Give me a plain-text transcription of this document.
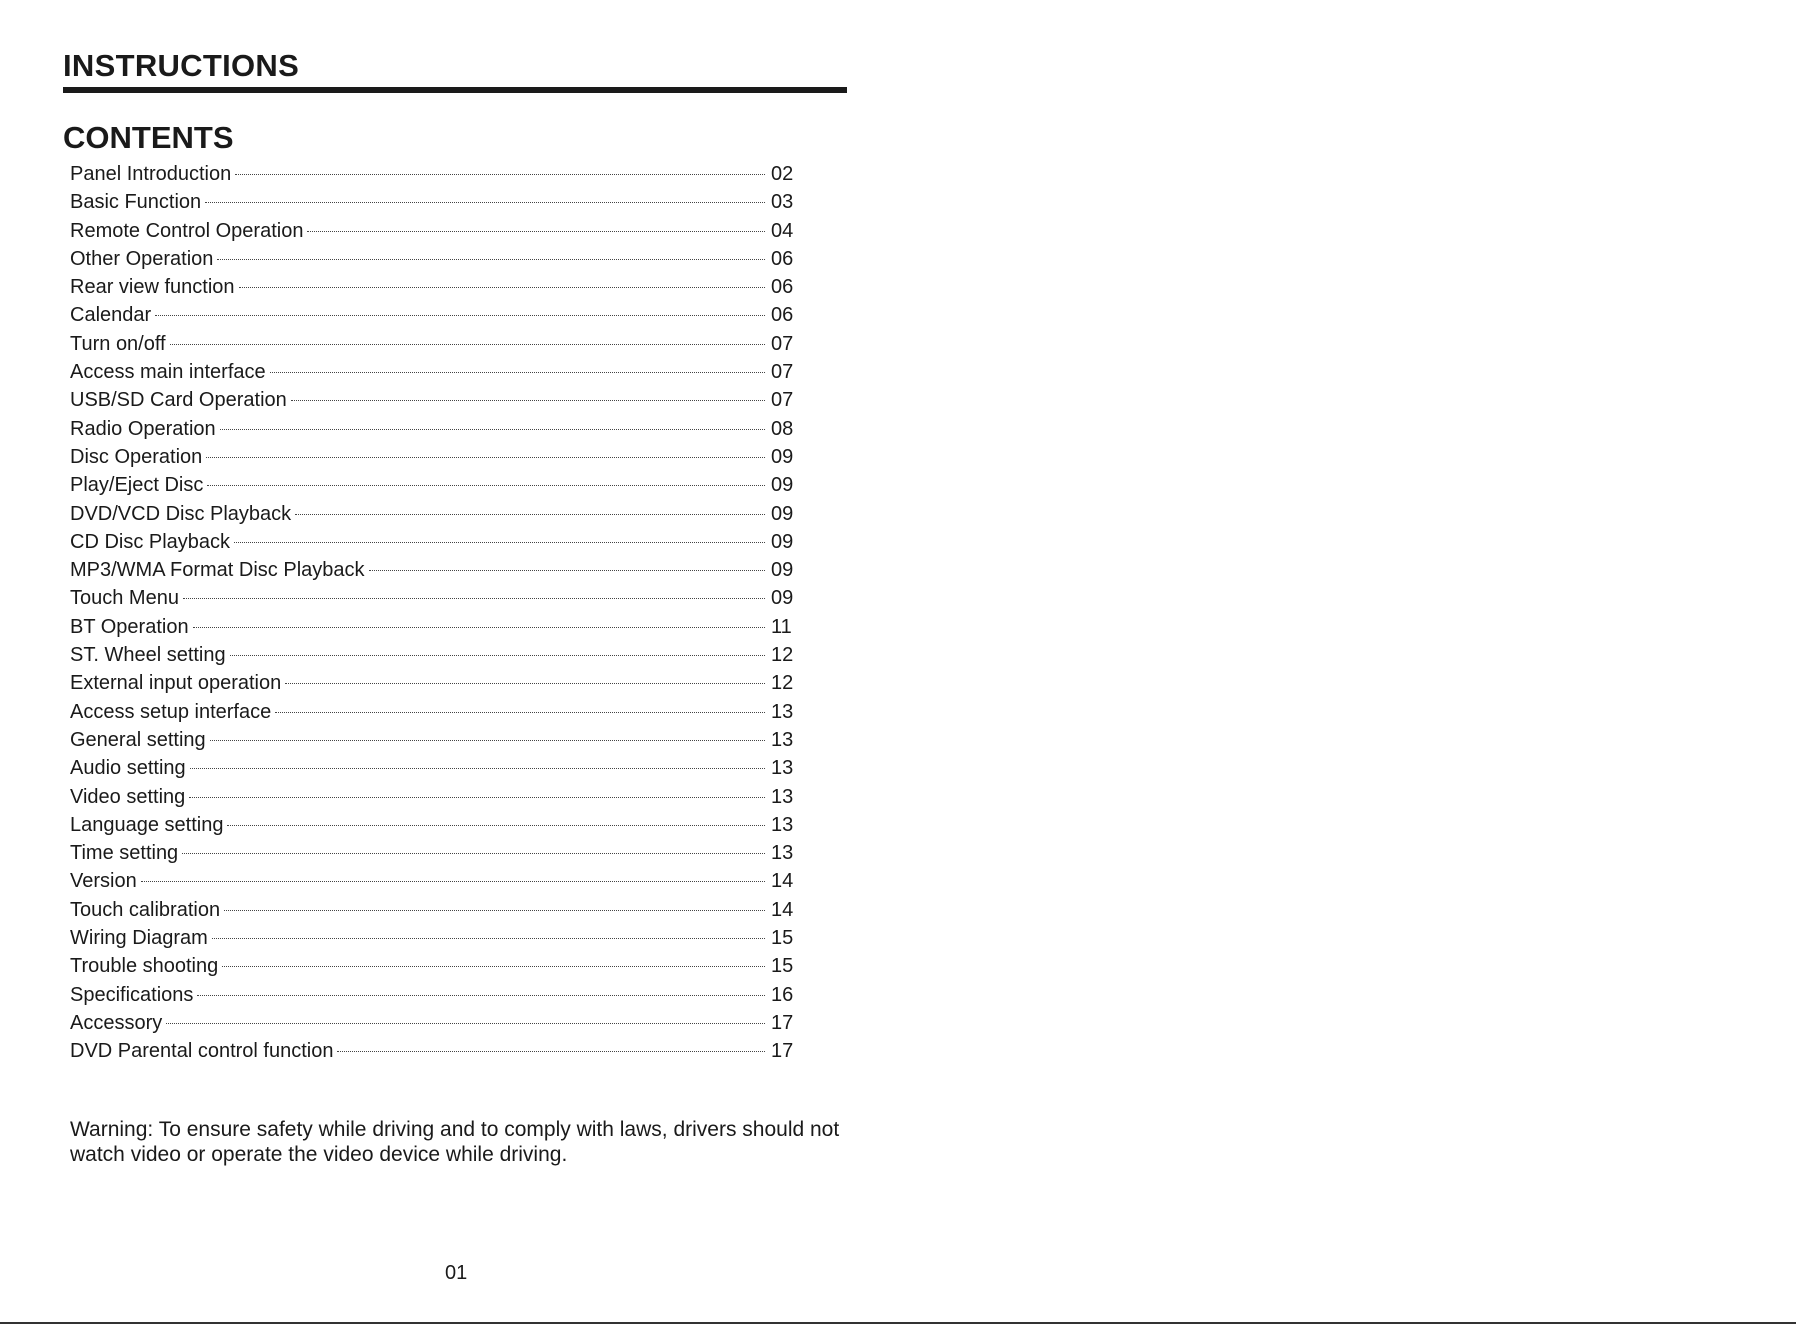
INSTRUCTIONS
CONTENTS
Panel Introduction	02
Basic Function	03
Remote Control Operation	04
Other Operation	06
Rear view function	06
Calendar	06
Turn on/off	07
Access main interface	07
USB/SD Card Operation	07
Radio Operation	08
Disc Operation	09
Play/Eject Disc	09
DVD/VCD Disc Playback	09
CD Disc Playback	09
MP3/WMA Format Disc Playback	09
Touch Menu	09
BT Operation	11
ST. Wheel setting	12
External input operation	12
Access setup interface	13
General setting	13
Audio setting	13
Video setting	13
Language setting	13
Time setting	13
Version	14
Touch calibration	14
Wiring Diagram	15
Trouble shooting	15
Specifications	16
Accessory	17
DVD Parental control function	17

Warning: To ensure safety while driving and to comply with laws, drivers should not watch video or operate the video device while driving.

01
